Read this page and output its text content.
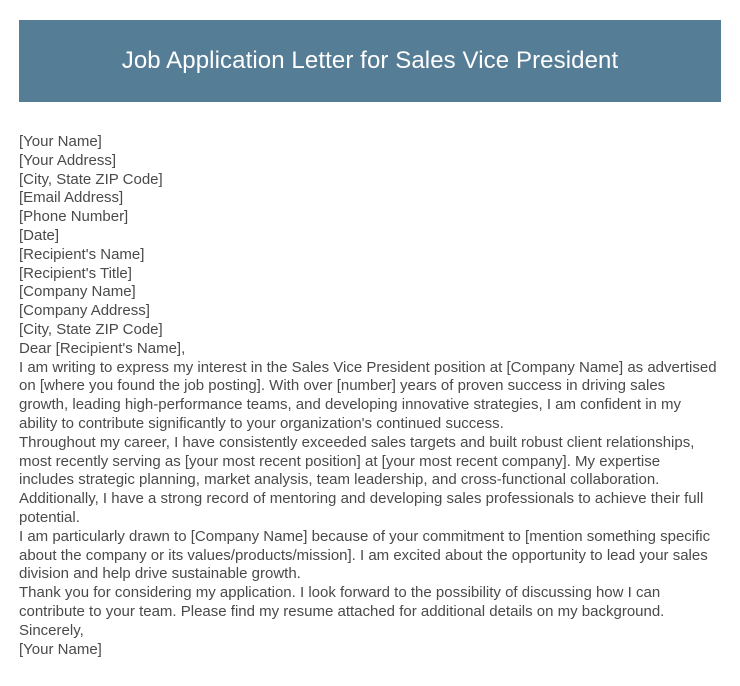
Job Application Letter for Sales Vice President
[Your Name]
[Your Address]
[City, State ZIP Code]
[Email Address]
[Phone Number]
[Date]
[Recipient's Name]
[Recipient's Title]
[Company Name]
[Company Address]
[City, State ZIP Code]
Dear [Recipient's Name],

I am writing to express my interest in the Sales Vice President position at [Company Name] as advertised on [where you found the job posting]. With over [number] years of proven success in driving sales growth, leading high-performance teams, and developing innovative strategies, I am confident in my ability to contribute significantly to your organization's continued success.

Throughout my career, I have consistently exceeded sales targets and built robust client relationships, most recently serving as [your most recent position] at [your most recent company]. My expertise includes strategic planning, market analysis, team leadership, and cross-functional collaboration. Additionally, I have a strong record of mentoring and developing sales professionals to achieve their full potential.

I am particularly drawn to [Company Name] because of your commitment to [mention something specific about the company or its values/products/mission]. I am excited about the opportunity to lead your sales division and help drive sustainable growth.

Thank you for considering my application. I look forward to the possibility of discussing how I can contribute to your team. Please find my resume attached for additional details on my background.

Sincerely,
[Your Name]
